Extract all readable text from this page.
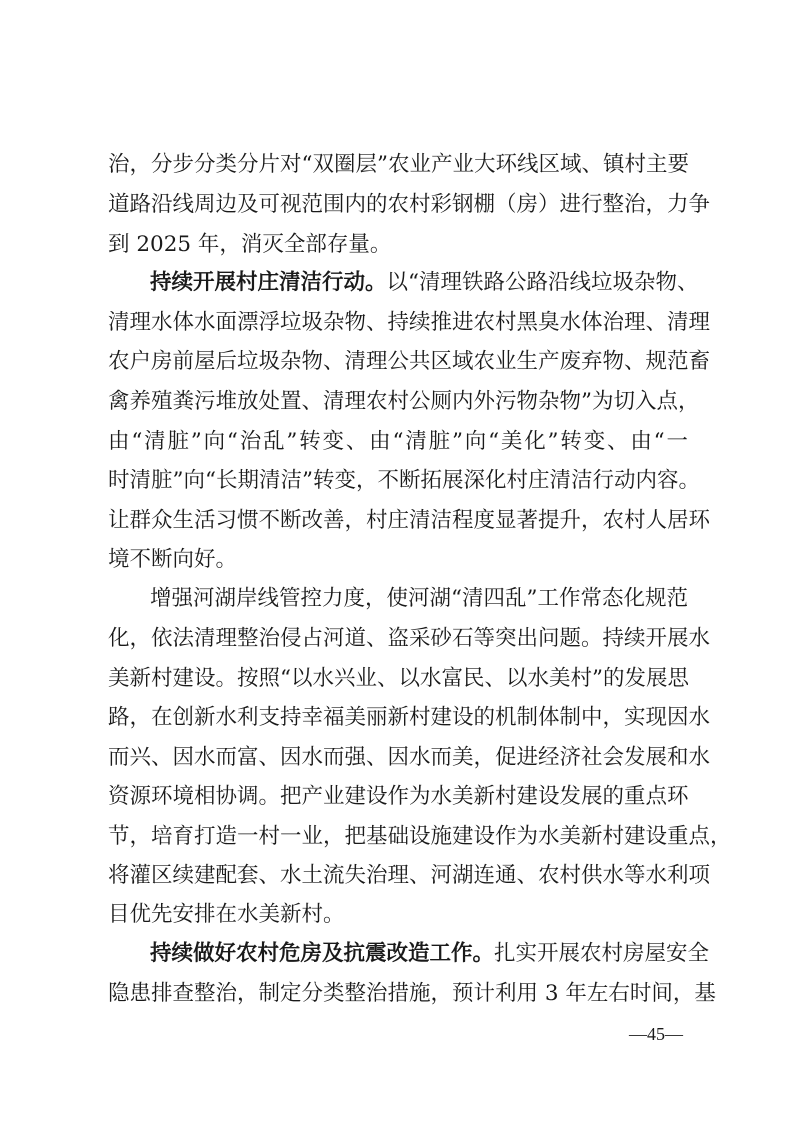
治，分步分类分片对“双圈层”农业产业大环线区域、镇村主要
道路沿线周边及可视范围内的农村彩钢棚（房）进行整治，力争
到 2025 年，消灭全部存量。
持续开展村庄清洁行动。以“清理铁路公路沿线垃圾杂物、
清理水体水面漂浮垃圾杂物、持续推进农村黑臭水体治理、清理
农户房前屋后垃圾杂物、清理公共区域农业生产废弃物、规范畜
禽养殖粪污堆放处置、清理农村公厕内外污物杂物”为切入点，
由“清脏”向“治乱”转变、由“清脏”向“美化”转变、由“一
时清脏”向“长期清洁”转变，不断拓展深化村庄清洁行动内容。
让群众生活习惯不断改善，村庄清洁程度显著提升，农村人居环
境不断向好。
增强河湖岸线管控力度，使河湖“清四乱”工作常态化规范
化，依法清理整治侵占河道、盗采砂石等突出问题。持续开展水
美新村建设。按照“以水兴业、以水富民、以水美村”的发展思
路，在创新水利支持幸福美丽新村建设的机制体制中，实现因水
而兴、因水而富、因水而强、因水而美，促进经济社会发展和水
资源环境相协调。把产业建设作为水美新村建设发展的重点环
节，培育打造一村一业，把基础设施建设作为水美新村建设重点，
将灌区续建配套、水土流失治理、河湖连通、农村供水等水利项
目优先安排在水美新村。
持续做好农村危房及抗震改造工作。扎实开展农村房屋安全
隐患排查整治，制定分类整治措施，预计利用 3 年左右时间，基
—45—
